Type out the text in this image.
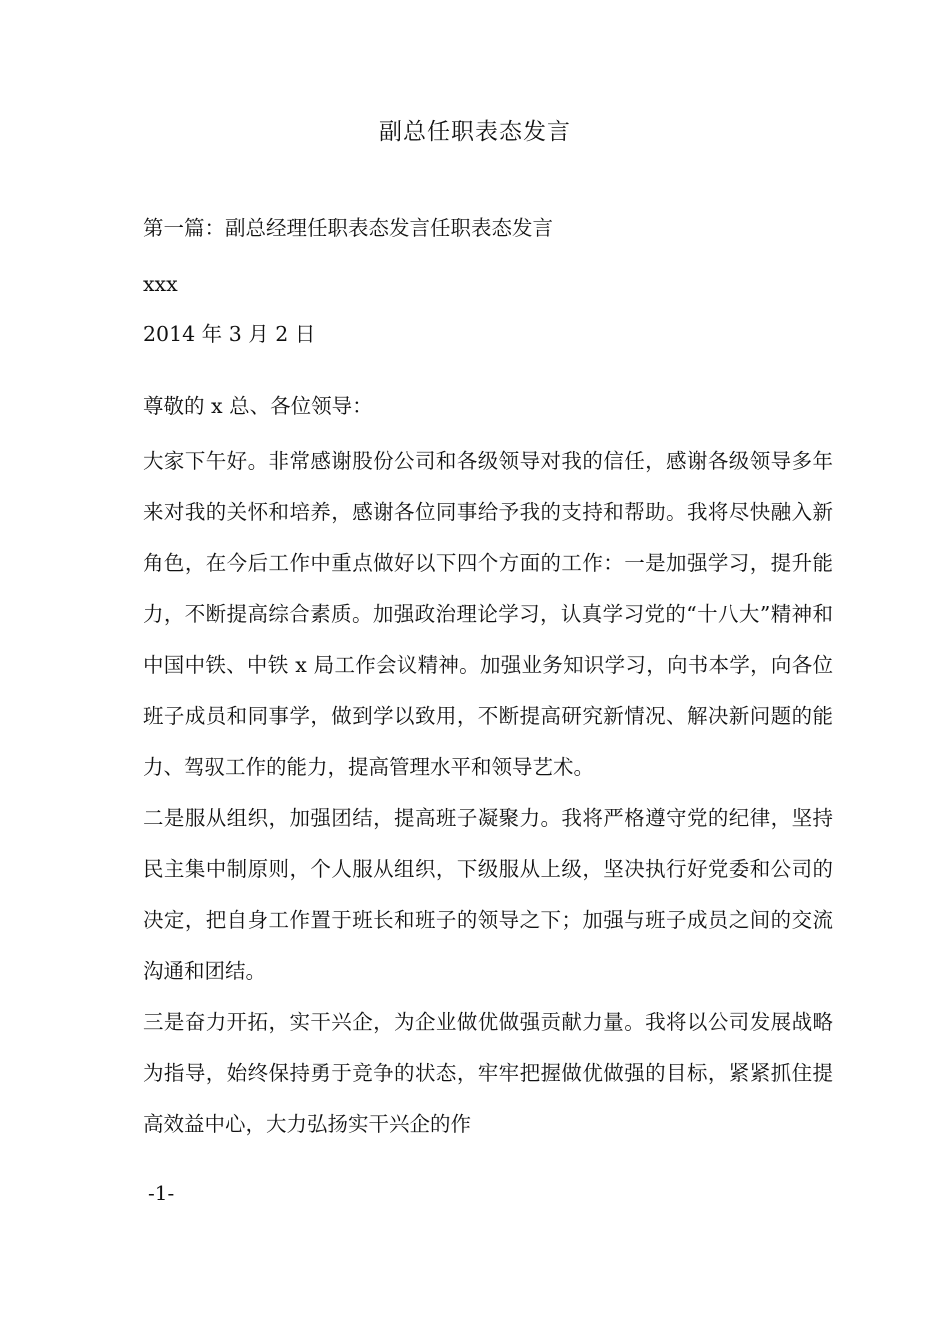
副总任职表态发言
第一篇：副总经理任职表态发言任职表态发言
xxx
2014 年 3 月 2 日
尊敬的 x 总、各位领导：

大家下午好。非常感谢股份公司和各级领导对我的信任，感谢各级领导多年来对我的关怀和培养，感谢各位同事给予我的支持和帮助。我将尽快融入新角色，在今后工作中重点做好以下四个方面的工作：一是加强学习，提升能力，不断提高综合素质。加强政治理论学习，认真学习党的“十八大”精神和中国中铁、中铁 x 局工作会议精神。加强业务知识学习，向书本学，向各位班子成员和同事学，做到学以致用，不断提高研究新情况、解决新问题的能力、驾驭工作的能力，提高管理水平和领导艺术。

二是服从组织，加强团结，提高班子凝聚力。我将严格遵守党的纪律，坚持民主集中制原则，个人服从组织，下级服从上级，坚决执行好党委和公司的决定，把自身工作置于班长和班子的领导之下；加强与班子成员之间的交流沟通和团结。

三是奋力开拓，实干兴企，为企业做优做强贡献力量。我将以公司发展战略为指导，始终保持勇于竞争的状态，牢牢把握做优做强的目标，紧紧抓住提高效益中心，大力弘扬实干兴企的作

-1-
